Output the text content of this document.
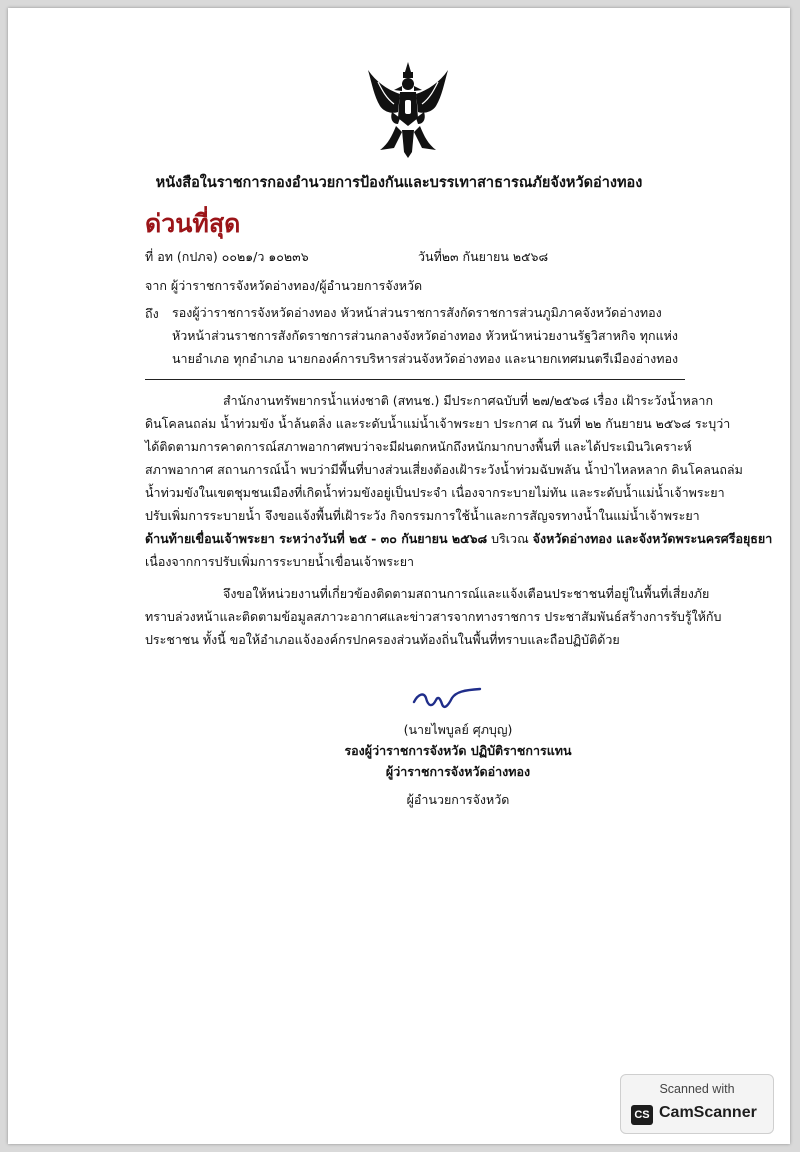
หนังสือในราชการกองอำนวยการป้องกันและบรรเทาสาธารณภัยจังหวัดอ่างทอง
ด่วนที่สุด
ที่ อท (กปภจ) ๐๐๒๑/ว ๑๐๒๓๖	วันที่๒๓ กันยายน ๒๕๖๘
จาก ผู้ว่าราชการจังหวัดอ่างทอง/ผู้อำนวยการจังหวัด
ถึง รองผู้ว่าราชการจังหวัดอ่างทอง หัวหน้าส่วนราชการสังกัดราชการส่วนภูมิภาคจังหวัดอ่างทอง
หัวหน้าส่วนราชการสังกัดราชการส่วนกลางจังหวัดอ่างทอง หัวหน้าหน่วยงานรัฐวิสาหกิจ ทุกแห่ง
นายอำเภอ ทุกอำเภอ นายกองค์การบริหารส่วนจังหวัดอ่างทอง และนายกเทศมนตรีเมืองอ่างทอง
สำนักงานทรัพยากรน้ำแห่งชาติ (สทนช.) มีประกาศฉบับที่ ๒๗/๒๕๖๘ เรื่อง เฝ้าระวังน้ำหลาก
ดินโคลนถล่ม น้ำท่วมขัง น้ำล้นตลิ่ง และระดับน้ำแม่น้ำเจ้าพระยา ประกาศ ณ วันที่ ๒๒ กันยายน ๒๕๖๘ ระบุว่า
ได้ติดตามการคาดการณ์สภาพอากาศพบว่าจะมีฝนตกหนักถึงหนักมากบางพื้นที่ และได้ประเมินวิเคราะห์
สภาพอากาศ สถานการณ์น้ำ พบว่ามีพื้นที่บางส่วนเสี่ยงต้องเฝ้าระวังน้ำท่วมฉับพลัน น้ำป่าไหลหลาก ดินโคลนถล่ม
น้ำท่วมขังในเขตชุมชนเมืองที่เกิดน้ำท่วมขังอยู่เป็นประจำ เนื่องจากระบายไม่ทัน และระดับน้ำแม่น้ำเจ้าพระยา
ปรับเพิ่มการระบายน้ำ จึงขอแจ้งพื้นที่เฝ้าระวัง กิจกรรมการใช้น้ำและการสัญจรทางน้ำในแม่น้ำเจ้าพระยา
ด้านท้ายเขื่อนเจ้าพระยา ระหว่างวันที่ ๒๕ - ๓๐ กันยายน ๒๕๖๘ บริเวณ จังหวัดอ่างทอง และจังหวัดพระนครศรีอยุธยา
เนื่องจากการปรับเพิ่มการระบายน้ำเขื่อนเจ้าพระยา
จึงขอให้หน่วยงานที่เกี่ยวข้องติดตามสถานการณ์และแจ้งเตือนประชาชนที่อยู่ในพื้นที่เสี่ยงภัย
ทราบล่วงหน้าและติดตามข้อมูลสภาวะอากาศและข่าวสารจากทางราชการ ประชาสัมพันธ์สร้างการรับรู้ให้กับ
ประชาชน ทั้งนี้ ขอให้อำเภอแจ้งองค์กรปกครองส่วนท้องถิ่นในพื้นที่ทราบและถือปฏิบัติด้วย
(นายไพบูลย์ ศุภบุญ)
รองผู้ว่าราชการจังหวัด ปฏิบัติราชการแทน
ผู้ว่าราชการจังหวัดอ่างทอง
ผู้อำนวยการจังหวัด
Scanned with
CS CamScanner
